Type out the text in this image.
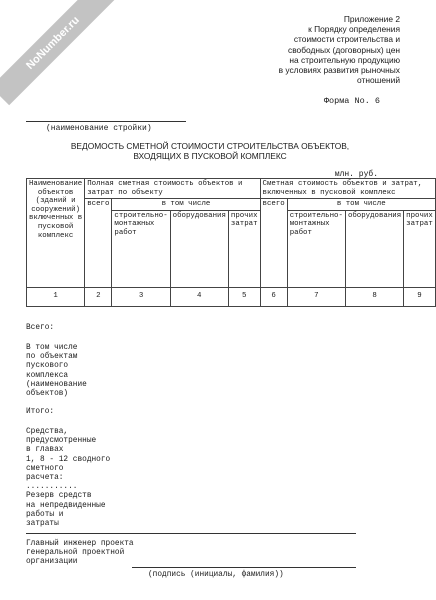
NoNumber.ru	Приложение 2
к Порядку определения
стоимости строительства и
свободных (договорных) цен
на строительную продукцию
в условиях развития рыночных
отношений
Форма No. 6
(наименование стройки)
ВЕДОМОСТЬ СМЕТНОЙ СТОИМОСТИ СТРОИТЕЛЬСТВА ОБЪЕКТОВ,
ВХОДЯЩИХ В ПУСКОВОЙ КОМПЛЕКС
млн. руб.
Наименование объектов (зданий и сооружений) включенных в пусковой комплекс	Полная сметная стоимость объектов и затрат по объекту				Сметная стоимость объектов и затрат, включенных в пусковой комплекс			
	всего	в том числе			всего	в том числе		
		строительно-монтажных работ	оборудования	прочих затрат		строительно-монтажных работ	оборудования	прочих затрат
1	2	3	4	5	6	7	8	9
Всего:
В том числе
по объектам
пускового
комплекса
(наименование
объектов)
Итого:
Средства,
предусмотренные
в главах
1, 8 - 12 сводного
сметного
расчета:
...........
Резерв средств
на непредвиденные
работы и
затраты
Главный инженер проекта
генеральной проектной
организации
(подпись (инициалы, фамилия))
